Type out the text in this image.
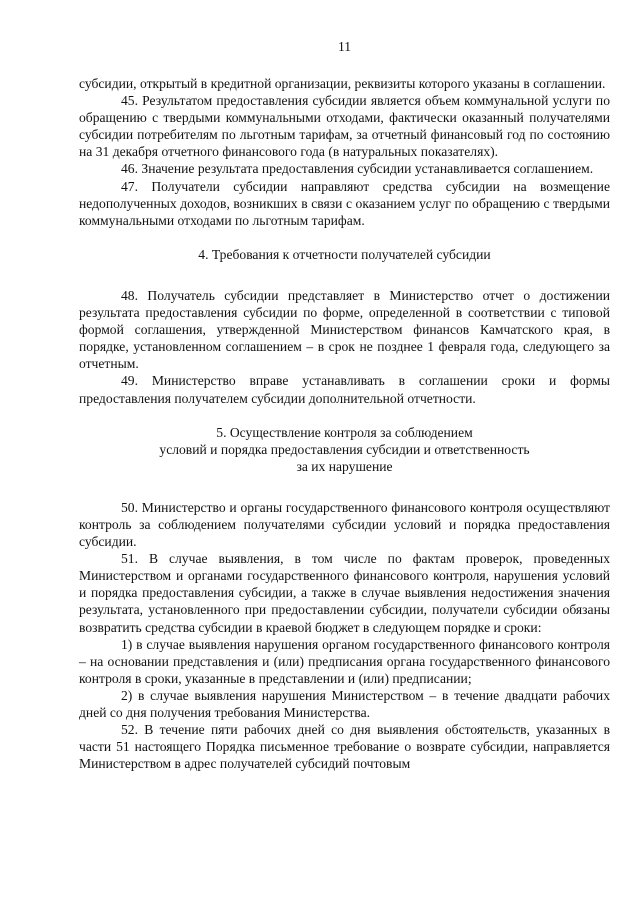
11

субсидии, открытый в кредитной организации, реквизиты которого указаны в соглашении.

45. Результатом предоставления субсидии является объем коммунальной услуги по обращению с твердыми коммунальными отходами, фактически оказанный получателями субсидии потребителям по льготным тарифам, за отчетный финансовый год по состоянию на 31 декабря отчетного финансового года (в натуральных показателях).

46. Значение результата предоставления субсидии устанавливается соглашением.

47. Получатели субсидии направляют средства субсидии на возмещение недополученных доходов, возникших в связи с оказанием услуг по обращению с твердыми коммунальными отходами по льготным тарифам.

4. Требования к отчетности получателей субсидии

48. Получатель субсидии представляет в Министерство отчет о достижении результата предоставления субсидии по форме, определенной в соответствии с типовой формой соглашения, утвержденной Министерством финансов Камчатского края, в порядке, установленном соглашением – в срок не позднее 1 февраля года, следующего за отчетным.

49. Министерство вправе устанавливать в соглашении сроки и формы предоставления получателем субсидии дополнительной отчетности.

5. Осуществление контроля за соблюдением
условий и порядка предоставления субсидии и ответственность
за их нарушение

50. Министерство и органы государственного финансового контроля осуществляют контроль за соблюдением получателями субсидии условий и порядка предоставления субсидии.

51. В случае выявления, в том числе по фактам проверок, проведенных Министерством и органами государственного финансового контроля, нарушения условий и порядка предоставления субсидии, а также в случае выявления недостижения значения результата, установленного при предоставлении субсидии, получатели субсидии обязаны возвратить средства субсидии в краевой бюджет в следующем порядке и сроки:

1) в случае выявления нарушения органом государственного финансового контроля – на основании представления и (или) предписания органа государственного финансового контроля в сроки, указанные в представлении и (или) предписании;

2) в случае выявления нарушения Министерством – в течение двадцати рабочих дней со дня получения требования Министерства.

52. В течение пяти рабочих дней со дня выявления обстоятельств, указанных в части 51 настоящего Порядка письменное требование о возврате субсидии, направляется Министерством в адрес получателей субсидий почтовым
